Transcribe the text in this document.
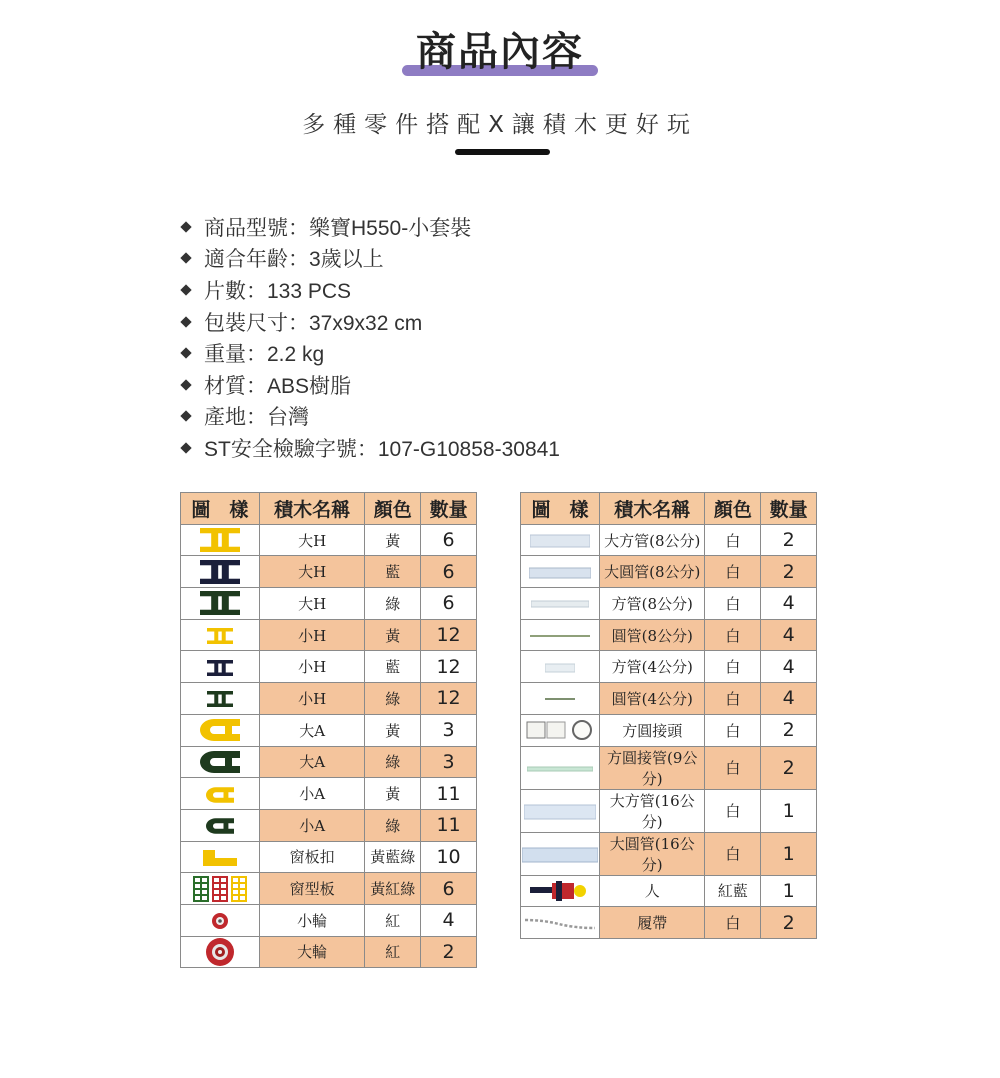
商品內容
多種零件搭配X讓積木更好玩
商品型號：樂寶H550-小套裝
適合年齡：3歲以上
片數：133 PCS
包裝尺寸：37x9x32 cm
重量：2.2 kg
材質：ABS樹脂
產地：台灣
ST安全檢驗字號：107-G10858-30841
圖　樣	積木名稱	顏色	數量
	大H	黃	6
	大H	藍	6
	大H	綠	6
	小H	黃	12
	小H	藍	12
	小H	綠	12
	大A	黃	3
	大A	綠	3
	小A	黃	11
	小A	綠	11
	窗板扣	黃藍綠	10
	窗型板	黃紅綠	6
	小輪	紅	4
	大輪	紅	2
圖　樣	積木名稱	顏色	數量
	大方管(8公分)	白	2
	大圓管(8公分)	白	2
	方管(8公分)	白	4
	圓管(8公分)	白	4
	方管(4公分)	白	4
	圓管(4公分)	白	4
	方圓接頭	白	2
	方圓接管(9公分)	白	2
	大方管(16公分)	白	1
	大圓管(16公分)	白	1
	人	紅藍	1
	履帶	白	2
